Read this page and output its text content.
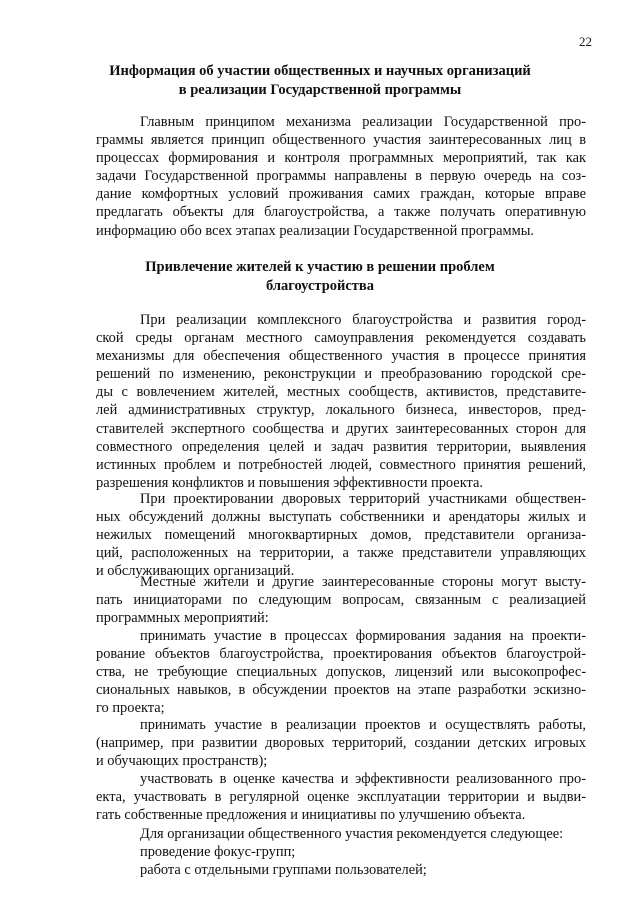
22
Информация об участии общественных и научных организаций
в реализации Государственной программы
Главным принципом механизма реализации Государственной про-
граммы является принцип общественного участия заинтересованных лиц в
процессах формирования и контроля программных мероприятий, так как
задачи Государственной программы направлены в первую очередь на соз-
дание комфортных условий проживания самих граждан, которые вправе
предлагать объекты для благоустройства, а также получать оперативную
информацию обо всех этапах реализации Государственной программы.
Привлечение жителей к участию в решении проблем
благоустройства
При реализации комплексного благоустройства и развития город-
ской среды органам местного самоуправления рекомендуется создавать
механизмы для обеспечения общественного участия в процессе принятия
решений по изменению, реконструкции и преобразованию городской сре-
ды с вовлечением жителей, местных сообществ, активистов, представите-
лей административных структур, локального бизнеса, инвесторов, пред-
ставителей экспертного сообщества и других заинтересованных сторон для
совместного определения целей и задач развития территории, выявления
истинных проблем и потребностей людей, совместного принятия решений,
разрешения конфликтов и повышения эффективности проекта.
При проектировании дворовых территорий участниками обществен-
ных обсуждений должны выступать собственники и арендаторы жилых и
нежилых помещений многоквартирных домов, представители организа-
ций, расположенных на территории, а также представители управляющих
и обслуживающих организаций.
Местные жители и другие заинтересованные стороны могут высту-
пать инициаторами по следующим вопросам, связанным с реализацией
программных мероприятий:
принимать участие в процессах формирования задания на проекти-
рование объектов благоустройства, проектирования объектов благоустрой-
ства, не требующие специальных допусков, лицензий или высокопрофес-
сиональных навыков, в обсуждении проектов на этапе разработки эскизно-
го проекта;
принимать участие в реализации проектов и осуществлять работы,
(например, при развитии дворовых территорий, создании детских игровых
и обучающих пространств);
участвовать в оценке качества и эффективности реализованного про-
екта, участвовать в регулярной оценке эксплуатации территории и выдви-
гать собственные предложения и инициативы по улучшению объекта.
Для организации общественного участия рекомендуется следующее:
проведение фокус-групп;
работа с отдельными группами пользователей;
